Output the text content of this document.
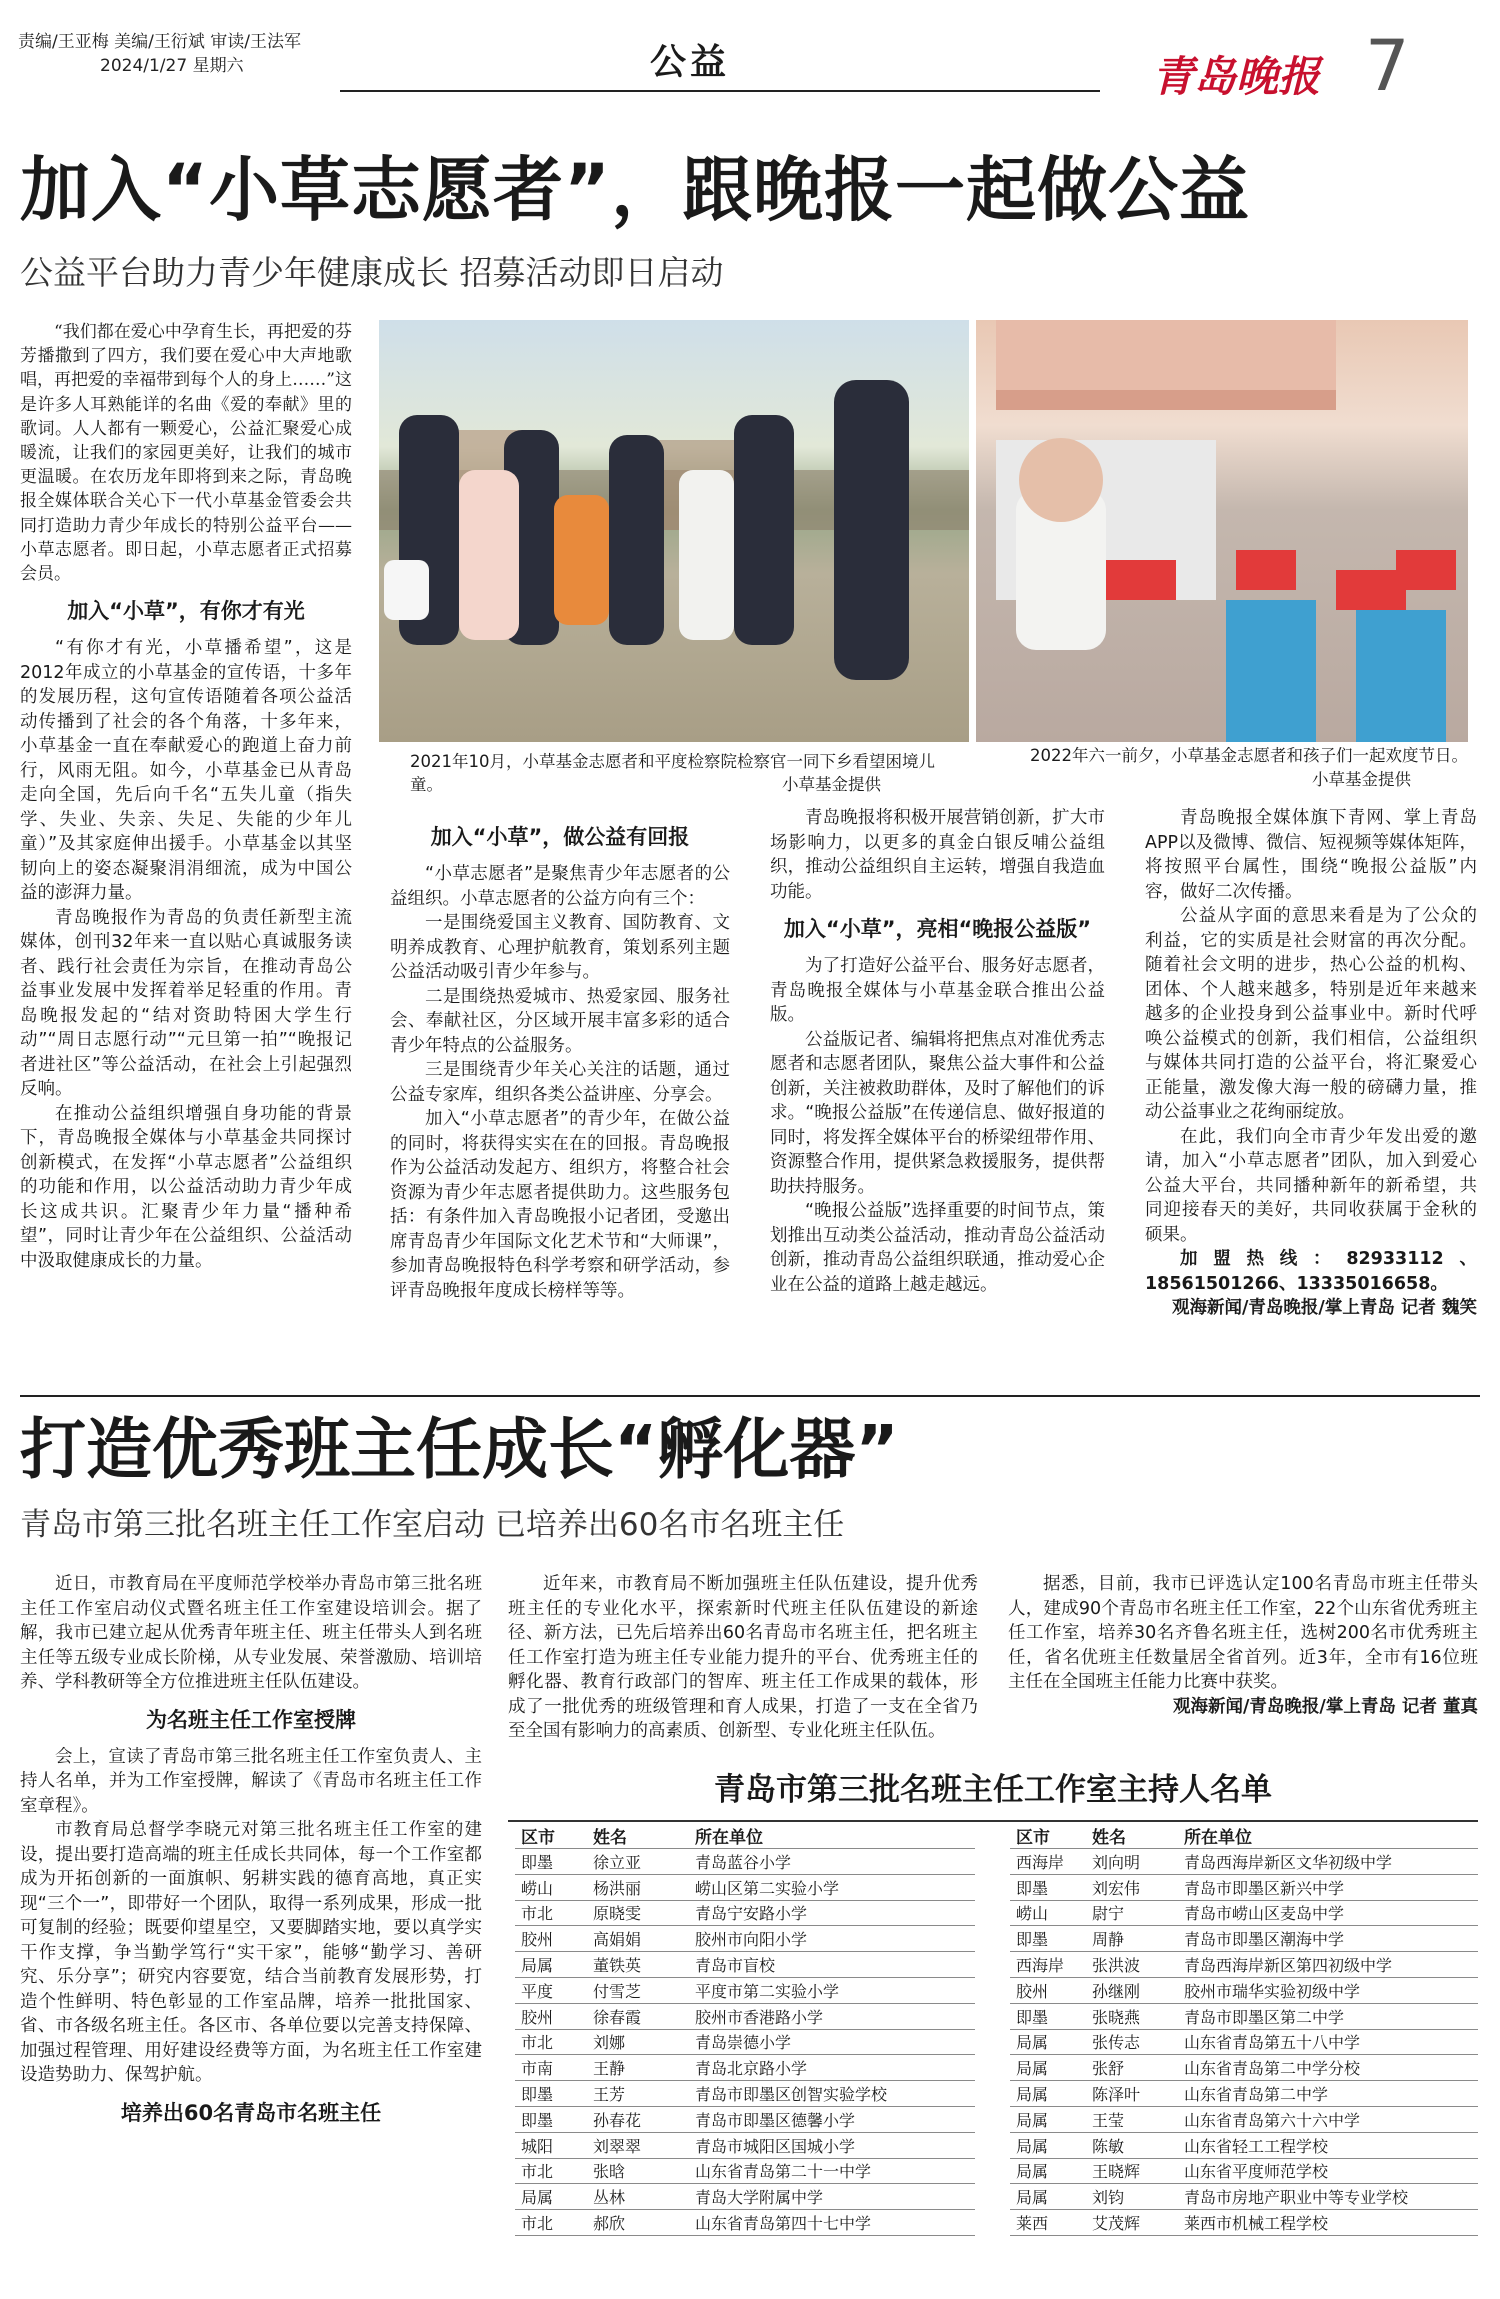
责编/王亚梅 美编/王衍斌 审读/王法军
2024/1/27 星期六	公益	青岛晚报 7
加入“小草志愿者”，跟晚报一起做公益
公益平台助力青少年健康成长 招募活动即日启动

“我们都在爱心中孕育生长，再把爱的芬芳播撒到了四方，我们要在爱心中大声地歌唱，再把爱的幸福带到每个人的身上……”这是许多人耳熟能详的名曲《爱的奉献》里的歌词。人人都有一颗爱心，公益汇聚爱心成暖流，让我们的家园更美好，让我们的城市更温暖。在农历龙年即将到来之际，青岛晚报全媒体联合关心下一代小草基金管委会共同打造助力青少年成长的特别公益平台——小草志愿者。即日起，小草志愿者正式招募会员。

加入“小草”，有你才有光

“有你才有光，小草播希望”，这是2012年成立的小草基金的宣传语，十多年的发展历程，这句宣传语随着各项公益活动传播到了社会的各个角落，十多年来，小草基金一直在奉献爱心的跑道上奋力前行，风雨无阻。如今，小草基金已从青岛走向全国，先后向千名“五失儿童（指失学、失业、失亲、失足、失能的少年儿童）”及其家庭伸出援手。小草基金以其坚韧向上的姿态凝聚涓涓细流，成为中国公益的澎湃力量。

青岛晚报作为青岛的负责任新型主流媒体，创刊32年来一直以贴心真诚服务读者、践行社会责任为宗旨，在推动青岛公益事业发展中发挥着举足轻重的作用。青岛晚报发起的“结对资助特困大学生行动”“周日志愿行动”“元旦第一拍”“晚报记者进社区”等公益活动，在社会上引起强烈反响。

在推动公益组织增强自身功能的背景下，青岛晚报全媒体与小草基金共同探讨创新模式，在发挥“小草志愿者”公益组织的功能和作用，以公益活动助力青少年成长这成共识。汇聚青少年力量“播种希望”，同时让青少年在公益组织、公益活动中汲取健康成长的力量。

2021年10月，小草基金志愿者和平度检察院检察官一同下乡看望困境儿童。	小草基金提供
2022年六一前夕，小草基金志愿者和孩子们一起欢度节日。
小草基金提供
加入“小草”，做公益有回报

“小草志愿者”是聚焦青少年志愿者的公益组织。小草志愿者的公益方向有三个：

一是围绕爱国主义教育、国防教育、文明养成教育、心理护航教育，策划系列主题公益活动吸引青少年参与。

二是围绕热爱城市、热爱家园、服务社会、奉献社区，分区域开展丰富多彩的适合青少年特点的公益服务。

三是围绕青少年关心关注的话题，通过公益专家库，组织各类公益讲座、分享会。

加入“小草志愿者”的青少年，在做公益的同时，将获得实实在在的回报。青岛晚报作为公益活动发起方、组织方，将整合社会资源为青少年志愿者提供助力。这些服务包括：有条件加入青岛晚报小记者团，受邀出席青岛青少年国际文化艺术节和“大师课”，参加青岛晚报特色科学考察和研学活动，参评青岛晚报年度成长榜样等等。

青岛晚报将积极开展营销创新，扩大市场影响力，以更多的真金白银反哺公益组织，推动公益组织自主运转，增强自我造血功能。

加入“小草”，亮相“晚报公益版”

为了打造好公益平台、服务好志愿者，青岛晚报全媒体与小草基金联合推出公益版。

公益版记者、编辑将把焦点对准优秀志愿者和志愿者团队，聚焦公益大事件和公益创新，关注被救助群体，及时了解他们的诉求。“晚报公益版”在传递信息、做好报道的同时，将发挥全媒体平台的桥梁纽带作用、资源整合作用，提供紧急救援服务，提供帮助扶持服务。

“晚报公益版”选择重要的时间节点，策划推出互动类公益活动，推动青岛公益活动创新，推动青岛公益组织联通，推动爱心企业在公益的道路上越走越远。

青岛晚报全媒体旗下青网、掌上青岛APP以及微博、微信、短视频等媒体矩阵，将按照平台属性，围绕“晚报公益版”内容，做好二次传播。

公益从字面的意思来看是为了公众的利益，它的实质是社会财富的再次分配。随着社会文明的进步，热心公益的机构、团体、个人越来越多，特别是近年来越来越多的企业投身到公益事业中。新时代呼唤公益模式的创新，我们相信，公益组织与媒体共同打造的公益平台，将汇聚爱心正能量，激发像大海一般的磅礴力量，推动公益事业之花绚丽绽放。

在此，我们向全市青少年发出爱的邀请，加入“小草志愿者”团队，加入到爱心公益大平台，共同播种新年的新希望，共同迎接春天的美好，共同收获属于金秋的硕果。

加盟热线：82933112、18561501266、13335016658。

观海新闻/青岛晚报/掌上青岛 记者 魏笑

打造优秀班主任成长“孵化器”
青岛市第三批名班主任工作室启动 已培养出60名市名班主任

近日，市教育局在平度师范学校举办青岛市第三批名班主任工作室启动仪式暨名班主任工作室建设培训会。据了解，我市已建立起从优秀青年班主任、班主任带头人到名班主任等五级专业成长阶梯，从专业发展、荣誉激励、培训培养、学科教研等全方位推进班主任队伍建设。

为名班主任工作室授牌

会上，宣读了青岛市第三批名班主任工作室负责人、主持人名单，并为工作室授牌，解读了《青岛市名班主任工作室章程》。

市教育局总督学李晓元对第三批名班主任工作室的建设，提出要打造高端的班主任成长共同体，每一个工作室都成为开拓创新的一面旗帜、躬耕实践的德育高地，真正实现“三个一”，即带好一个团队，取得一系列成果，形成一批可复制的经验；既要仰望星空，又要脚踏实地，要以真学实干作支撑，争当勤学笃行“实干家”，能够“勤学习、善研究、乐分享”；研究内容要宽，结合当前教育发展形势，打造个性鲜明、特色彰显的工作室品牌，培养一批批国家、省、市各级名班主任。各区市、各单位要以完善支持保障、加强过程管理、用好建设经费等方面，为名班主任工作室建设造势助力、保驾护航。

培养出60名青岛市名班主任

近年来，市教育局不断加强班主任队伍建设，提升优秀班主任的专业化水平，探索新时代班主任队伍建设的新途径、新方法，已先后培养出60名青岛市名班主任，把名班主任工作室打造为班主任专业能力提升的平台、优秀班主任的孵化器、教育行政部门的智库、班主任工作成果的载体，形成了一批优秀的班级管理和育人成果，打造了一支在全省乃至全国有影响力的高素质、创新型、专业化班主任队伍。

据悉，目前，我市已评选认定100名青岛市班主任带头人，建成90个青岛市名班主任工作室，22个山东省优秀班主任工作室，培养30名齐鲁名班主任，选树200名市优秀班主任，省名优班主任数量居全省首列。近3年，全市有16位班主任在全国班主任能力比赛中获奖。

观海新闻/青岛晚报/掌上青岛 记者 董真

青岛市第三批名班主任工作室主持人名单
区市	姓名	所在单位
即墨	徐立亚	青岛蓝谷小学
崂山	杨洪丽	崂山区第二实验小学
市北	原晓雯	青岛宁安路小学
胶州	高娟娟	胶州市向阳小学
局属	董铁英	青岛市盲校
平度	付雪芝	平度市第二实验小学
胶州	徐春霞	胶州市香港路小学
市北	刘娜	青岛崇德小学
市南	王静	青岛北京路小学
即墨	王芳	青岛市即墨区创智实验学校
即墨	孙春花	青岛市即墨区德馨小学
城阳	刘翠翠	青岛市城阳区国城小学
市北	张晗	山东省青岛第二十一中学
局属	丛林	青岛大学附属中学
市北	郝欣	山东省青岛第四十七中学
区市	姓名	所在单位
西海岸	刘向明	青岛西海岸新区文华初级中学
即墨	刘宏伟	青岛市即墨区新兴中学
崂山	尉宁	青岛市崂山区麦岛中学
即墨	周静	青岛市即墨区潮海中学
西海岸	张洪波	青岛西海岸新区第四初级中学
胶州	孙继刚	胶州市瑞华实验初级中学
即墨	张晓燕	青岛市即墨区第二中学
局属	张传志	山东省青岛第五十八中学
局属	张舒	山东省青岛第二中学分校
局属	陈泽叶	山东省青岛第二中学
局属	王莹	山东省青岛第六十六中学
局属	陈敏	山东省轻工工程学校
局属	王晓辉	山东省平度师范学校
局属	刘钧	青岛市房地产职业中等专业学校
莱西	艾茂辉	莱西市机械工程学校
